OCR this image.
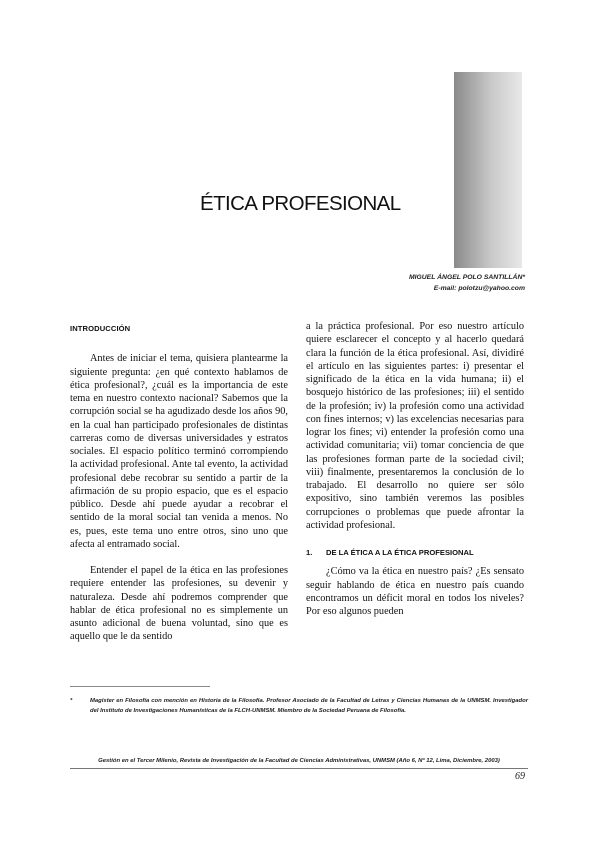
ÉTICA PROFESIONAL
MIGUEL ÁNGEL POLO SANTILLÁN*
E-mail: polotzu@yahoo.com
INTRODUCCIÓN

Antes de iniciar el tema, quisiera plantearme la siguiente pregunta: ¿en qué contexto hablamos de ética profesional?, ¿cuál es la importancia de este tema en nuestro contexto nacional? Sabemos que la corrupción social se ha agudizado desde los años 90, en la cual han participado profesionales de distintas carreras como de diversas universidades y estratos sociales. El espacio político terminó corrompiendo la actividad profesional. Ante tal evento, la actividad profesional debe recobrar su sentido a partir de la afirmación de su propio espacio, que es el espacio público. Desde ahí puede ayudar a recobrar el sentido de la moral social tan venida a menos. No es, pues, este tema uno entre otros, sino uno que afecta al entramado social.

Entender el papel de la ética en las profesiones requiere entender las profesiones, su devenir y naturaleza. Desde ahí podremos comprender que hablar de ética profesional no es simplemente un asunto adicional de buena voluntad, sino que es aquello que le da sentido

a la práctica profesional. Por eso nuestro artículo quiere esclarecer el concepto y al hacerlo quedará clara la función de la ética profesional. Así, dividiré el artículo en las siguientes partes: i) presentar el significado de la ética en la vida humana; ii) el bosquejo histórico de las profesiones; iii) el sentido de la profesión; iv) la profesión como una actividad con fines internos; v) las excelencias necesarias para lograr los fines; vi) entender la profesión como una actividad comunitaria; vii) tomar conciencia de que las profesiones forman parte de la sociedad civil; viii) finalmente, presentaremos la conclusión de lo trabajado. El desarrollo no quiere ser sólo expositivo, sino también veremos las posibles corrupciones o problemas que puede afrontar la actividad profesional.

1. DE LA ÉTICA A LA ÉTICA PROFESIONAL

¿Cómo va la ética en nuestro país? ¿Es sensato seguir hablando de ética en nuestro país cuando encontramos un déficit moral en todos los niveles? Por eso algunos pueden

*	Magíster en Filosofía con mención en Historia de la Filosofía. Profesor Asociado de la Facultad de Letras y Ciencias Humanas de la UNMSM. Investigador del Instituto de Investigaciones Humanísticas de la FLCH-UNMSM. Miembro de la Sociedad Peruana de Filosofía.
Gestión en el Tercer Milenio, Revista de Investigación de la Facultad de Ciencias Administrativas, UNMSM (Año 6, Nº 12, Lima, Diciembre, 2003)
69
